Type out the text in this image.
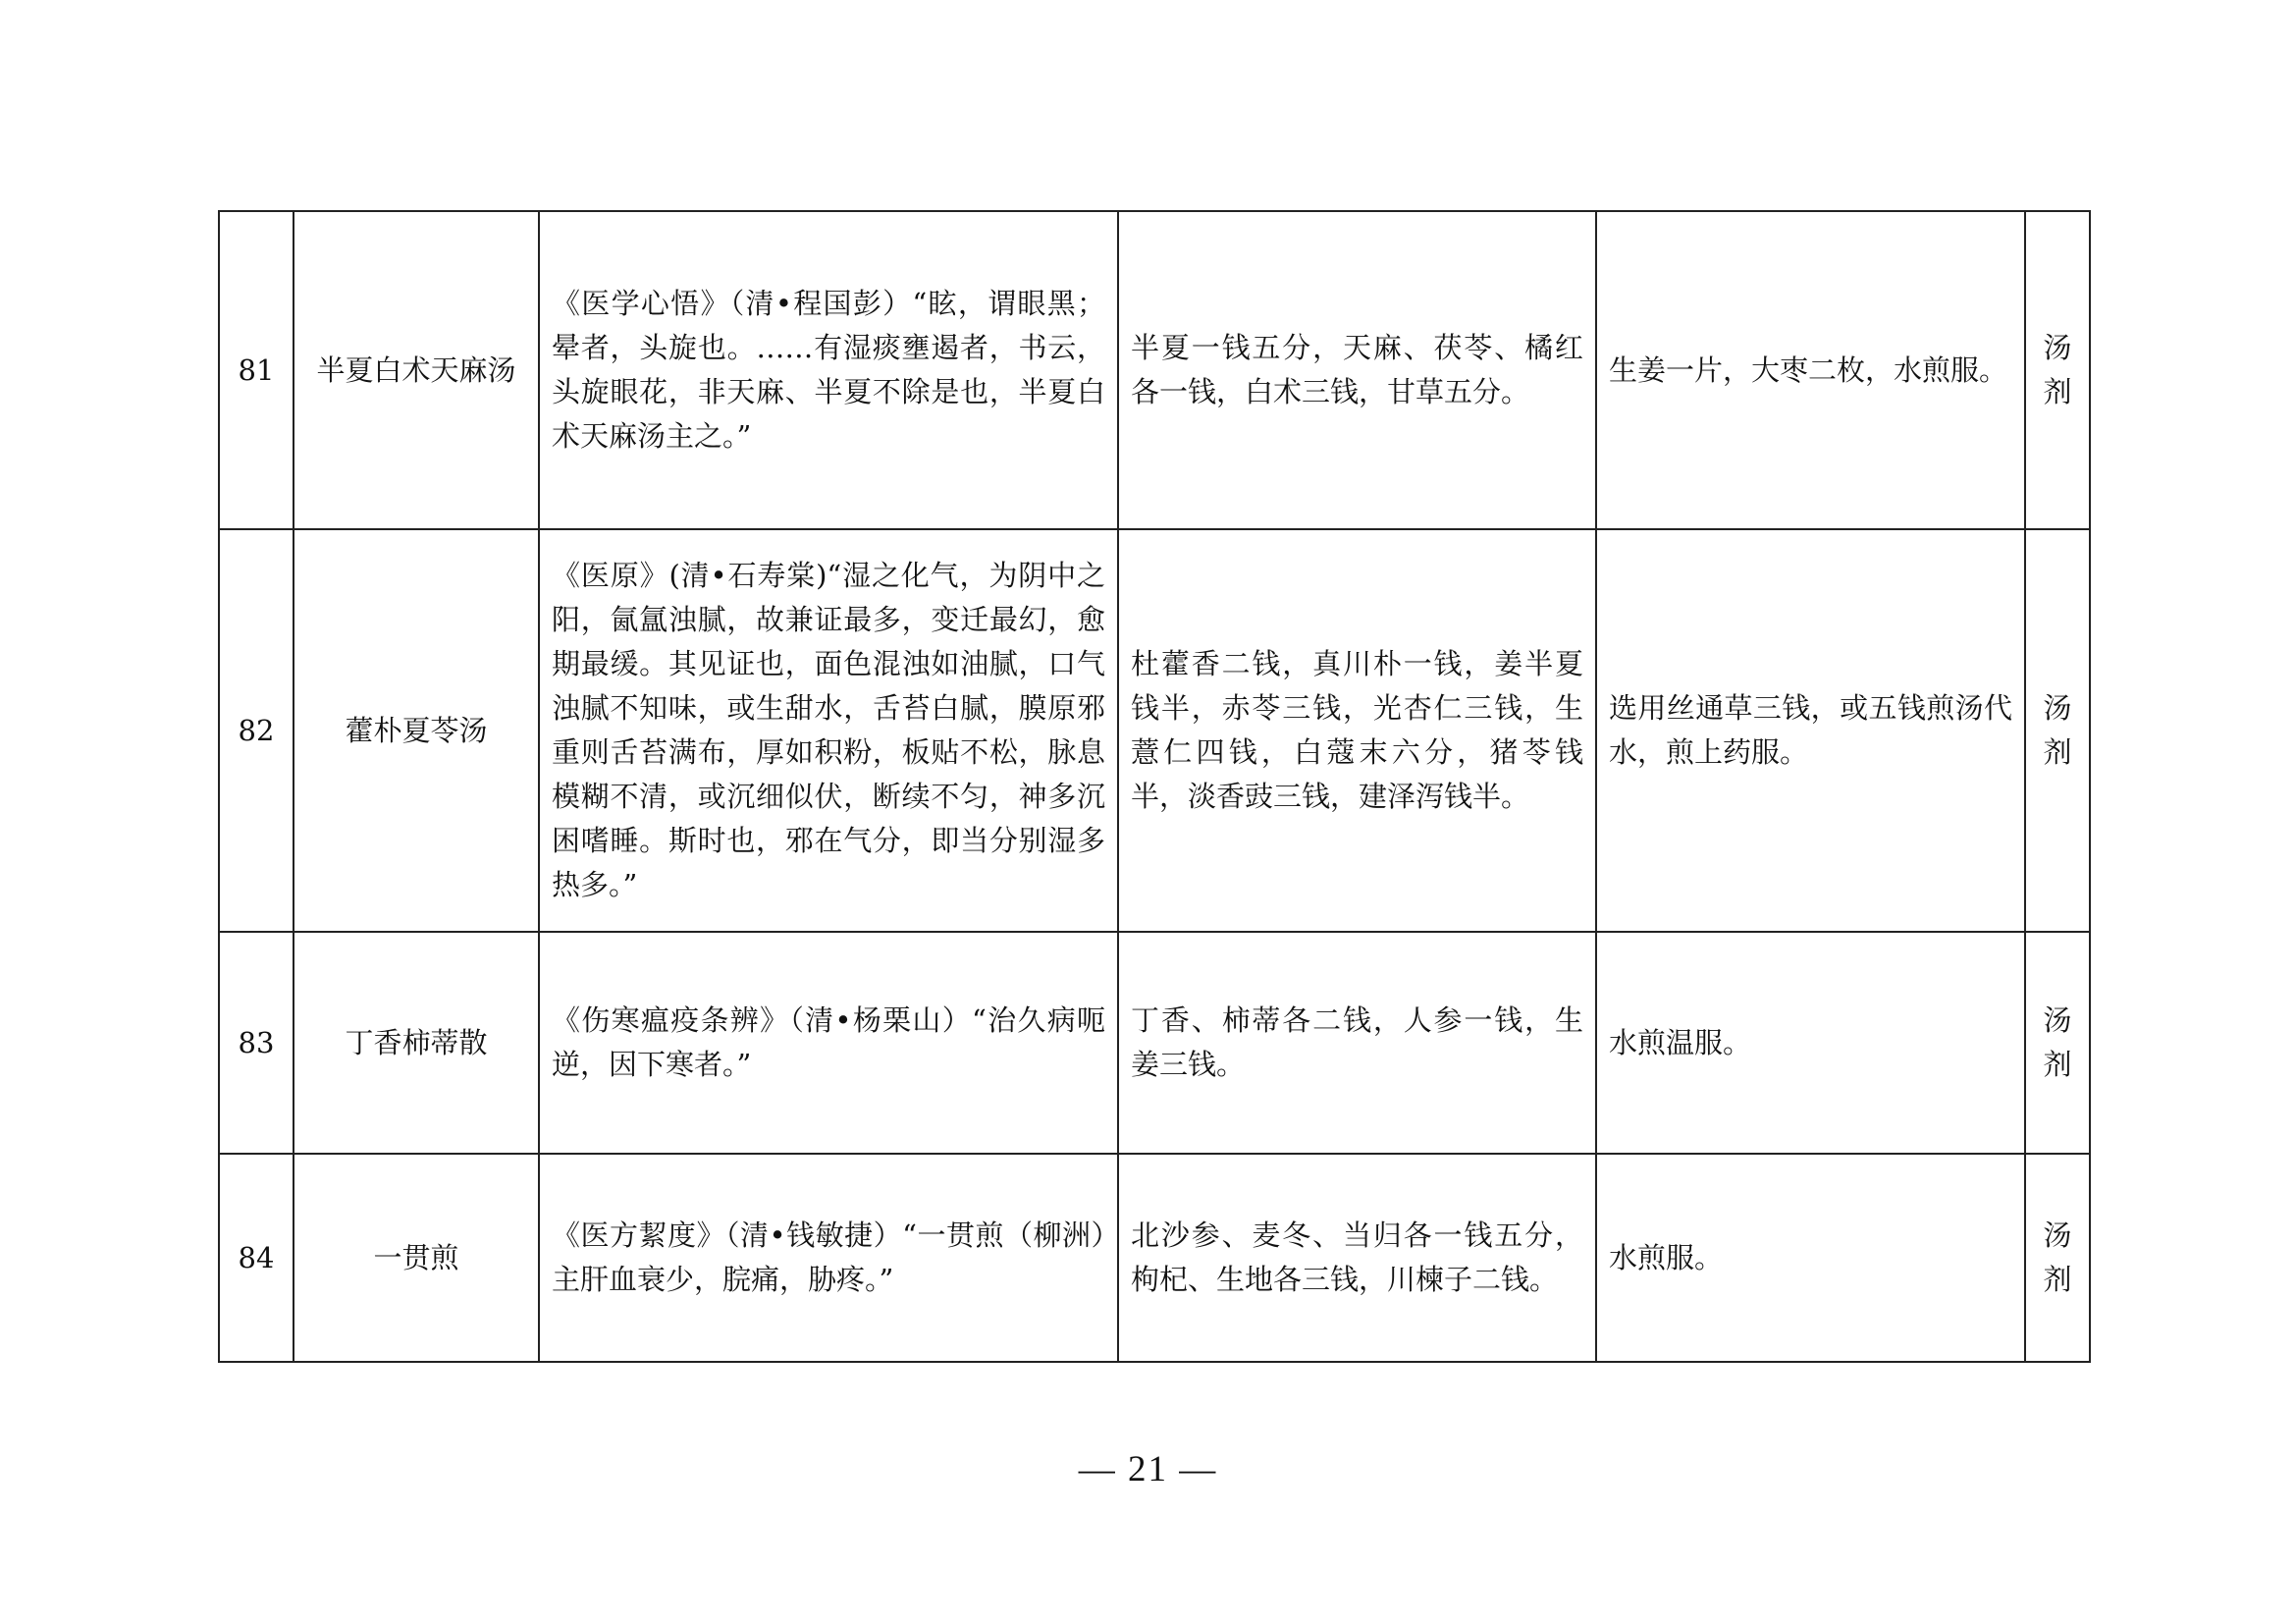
81	半夏白术天麻汤	《医学心悟》（清•程国彭）“眩，谓眼黑；晕者，头旋也。……有湿痰壅遏者，书云，头旋眼花，非天麻、半夏不除是也，半夏白术天麻汤主之。”	半夏一钱五分，天麻、茯苓、橘红各一钱，白术三钱，甘草五分。	生姜一片，大枣二枚，水煎服。	汤
剂

82	藿朴夏苓汤	《医原》(清•石寿棠)“湿之化气，为阴中之阳，氤氲浊腻，故兼证最多，变迁最幻，愈期最缓。其见证也，面色混浊如油腻，口气浊腻不知味，或生甜水，舌苔白腻，膜原邪重则舌苔满布，厚如积粉，板贴不松，脉息模糊不清，或沉细似伏，断续不匀，神多沉困嗜睡。斯时也，邪在气分，即当分别湿多热多。”	杜藿香二钱，真川朴一钱，姜半夏钱半，赤苓三钱，光杏仁三钱，生薏仁四钱，白蔻末六分，猪苓钱半，淡香豉三钱，建泽泻钱半。	选用丝通草三钱，或五钱煎汤代水，煎上药服。	汤
剂

83	丁香柿蒂散	《伤寒瘟疫条辨》（清•杨栗山）“治久病呃逆，因下寒者。”	丁香、柿蒂各二钱，人参一钱，生姜三钱。	水煎温服。	汤
剂

84	一贯煎	《医方絜度》（清•钱敏捷）“一贯煎（柳洲）主肝血衰少，脘痛，胁疼。”	北沙参、麦冬、当归各一钱五分，枸杞、生地各三钱，川楝子二钱。	水煎服。	汤
剂
— 21 —
